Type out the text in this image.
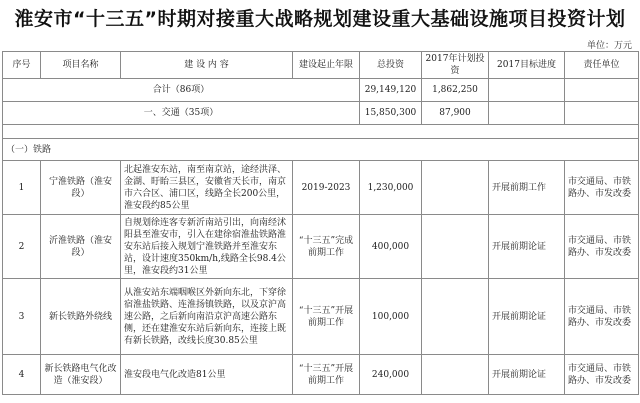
淮安市“十三五”时期对接重大战略规划建设重大基础设施项目投资计划
单位：万元
序号	项目名称	建 设 内 容	建设起止年限	总投资	2017年计划投资	2017目标进度	责任单位
合计（86项）				29,149,120	1,862,250		
一、交通（35项）				15,850,300	87,900		

（一）铁路							
1	宁淮铁路（淮安段）	北起淮安东站，南至南京站，途经洪泽、金湖、盱眙三县区，安徽省天长市，南京市六合区、浦口区，线路全长200公里，淮安段约85公里	2019-2023	1,230,000		开展前期工作	市交通局、市铁路办、市发改委
2	沂淮铁路（淮安段）	自规划徐连客专新沂南站引出，向南经沭阳县至淮安市，引入在建徐宿淮盐铁路淮安东站后接入规划宁淮铁路并至淮安东站，设计速度350km/h,线路全长98.4公里，淮安段约31公里	“十三五”完成前期工作	400,000		开展前期论证	市交通局、市铁路办、市发改委
3	新长铁路外绕线	从淮安站东端咽喉区外新向东北，下穿徐宿淮盐铁路、连淮扬镇铁路，以及京沪高速公路，之后新向南沿京沪高速公路东侧，还在建淮安东站后新向东，连接上既有新长铁路，改线长度30.85公里	“十三五”开展前期工作	100,000		开展前期论证	市交通局、市铁路办、市发改委
4	新长铁路电气化改造（淮安段）	淮安段电气化改造81公里	“十三五”开展前期工作	240,000		开展前期论证	市交通局、市铁路办、市发改委
